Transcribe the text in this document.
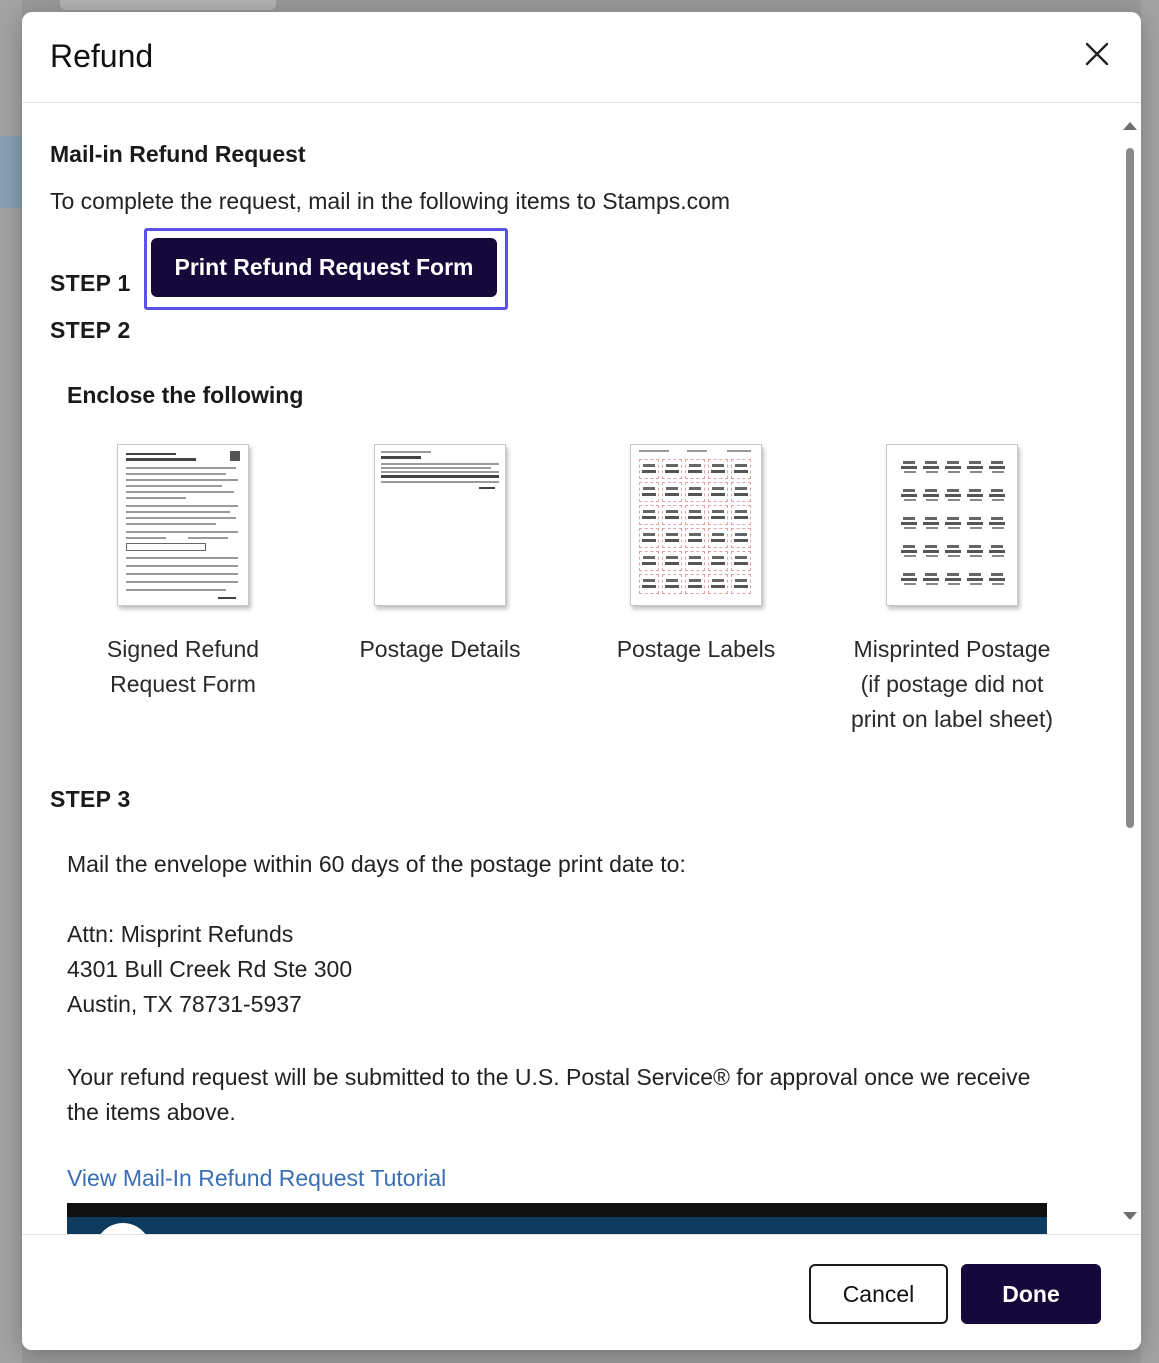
Refund
Mail-in Refund Request
To complete the request, mail in the following items to Stamps.com
STEP 1
Print Refund Request Form
STEP 2
Enclose the following
Signed Refund
Request Form
Postage Details	Postage Labels	Misprinted Postage
(if postage did not
print on label sheet)
STEP 3
Mail the envelope within 60 days of the postage print date to:
Attn: Misprint Refunds
4301 Bull Creek Rd Ste 300
Austin, TX 78731-5937
Your refund request will be submitted to the U.S. Postal Service® for approval once we receive the items above.
View Mail-In Refund Request Tutorial
Cancel	Done
